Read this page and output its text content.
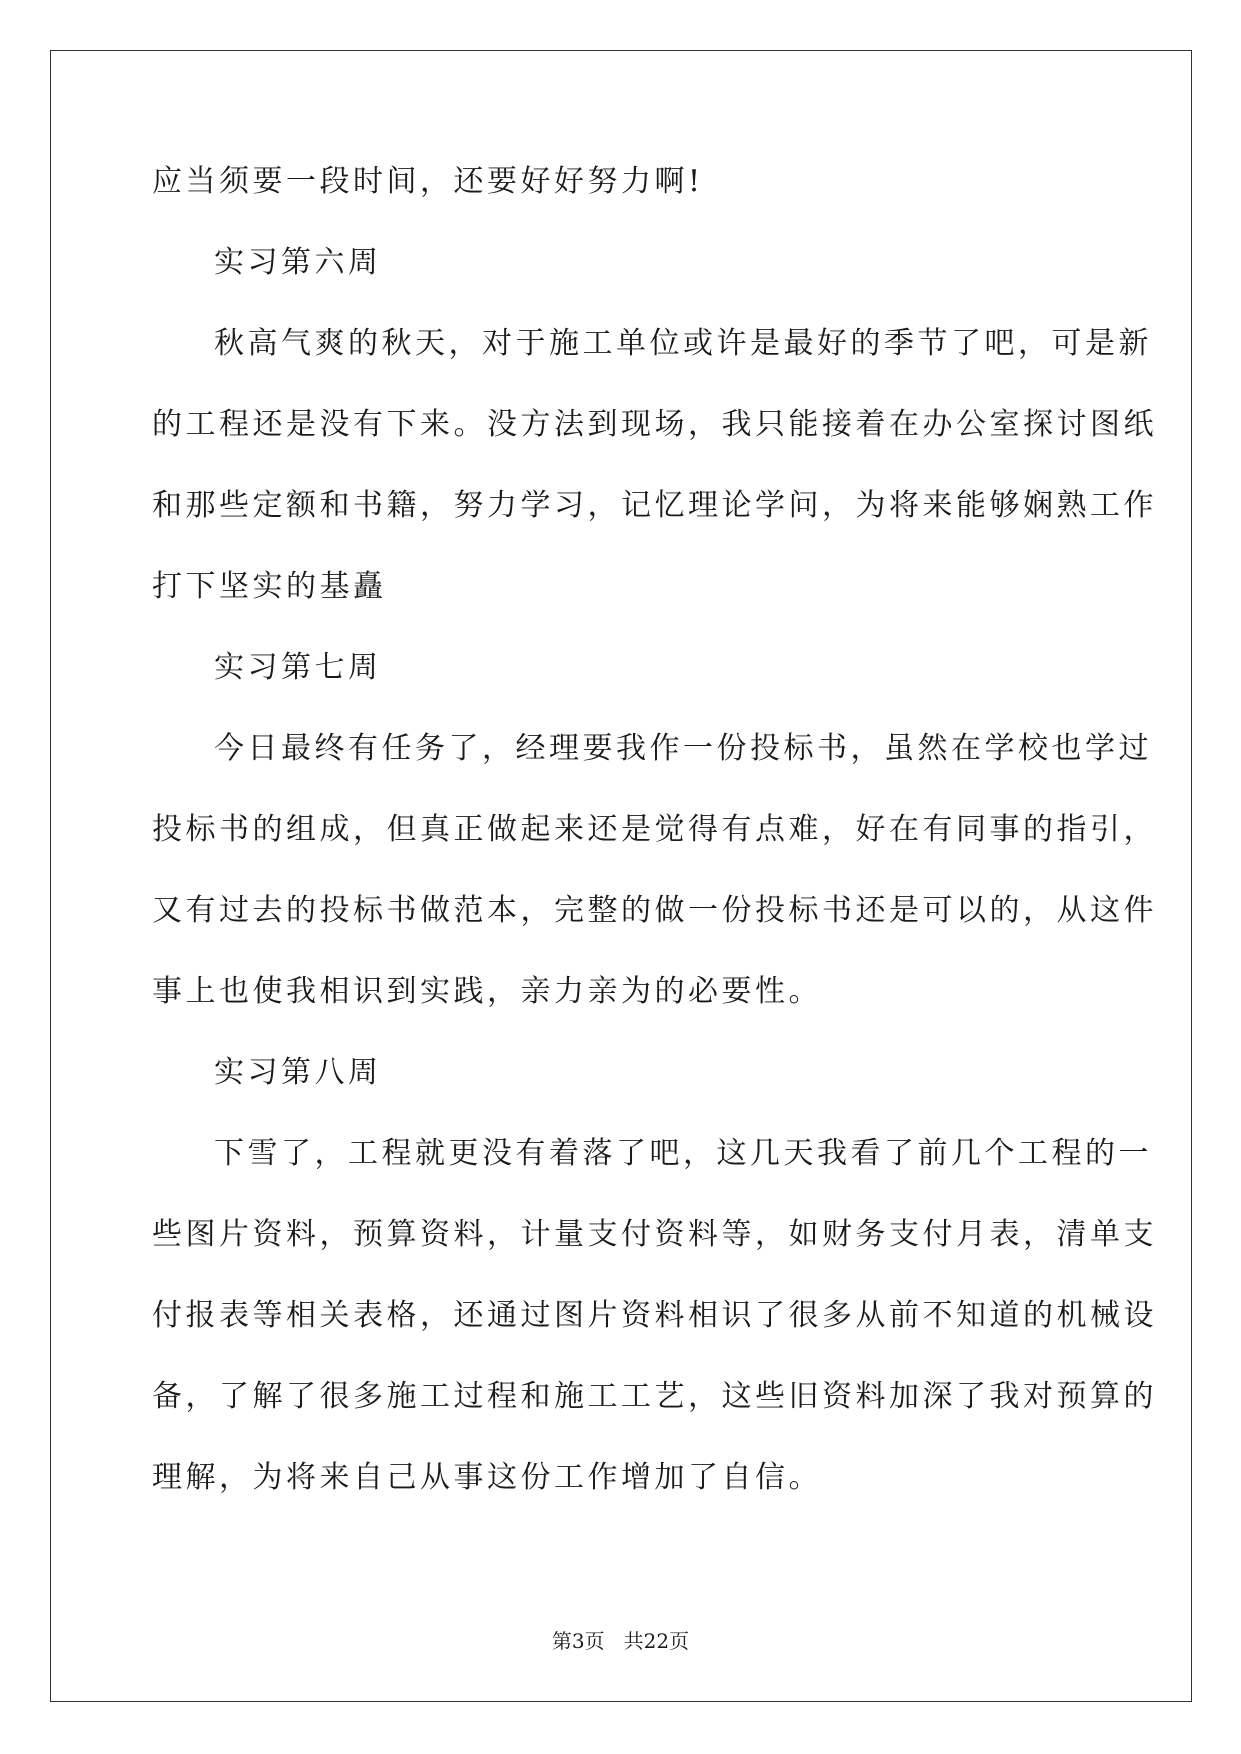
应当须要一段时间，还要好好努力啊!
实习第六周
秋高气爽的秋天，对于施工单位或许是最好的季节了吧，可是新
的工程还是没有下来。没方法到现场，我只能接着在办公室探讨图纸
和那些定额和书籍，努力学习，记忆理论学问，为将来能够娴熟工作
打下坚实的基矗
实习第七周
今日最终有任务了，经理要我作一份投标书，虽然在学校也学过
投标书的组成，但真正做起来还是觉得有点难，好在有同事的指引，
又有过去的投标书做范本，完整的做一份投标书还是可以的，从这件
事上也使我相识到实践，亲力亲为的必要性。
实习第八周
下雪了，工程就更没有着落了吧，这几天我看了前几个工程的一
些图片资料，预算资料，计量支付资料等，如财务支付月表，清单支
付报表等相关表格，还通过图片资料相识了很多从前不知道的机械设
备，了解了很多施工过程和施工工艺，这些旧资料加深了我对预算的
理解，为将来自己从事这份工作增加了自信。
第3页 共22页
